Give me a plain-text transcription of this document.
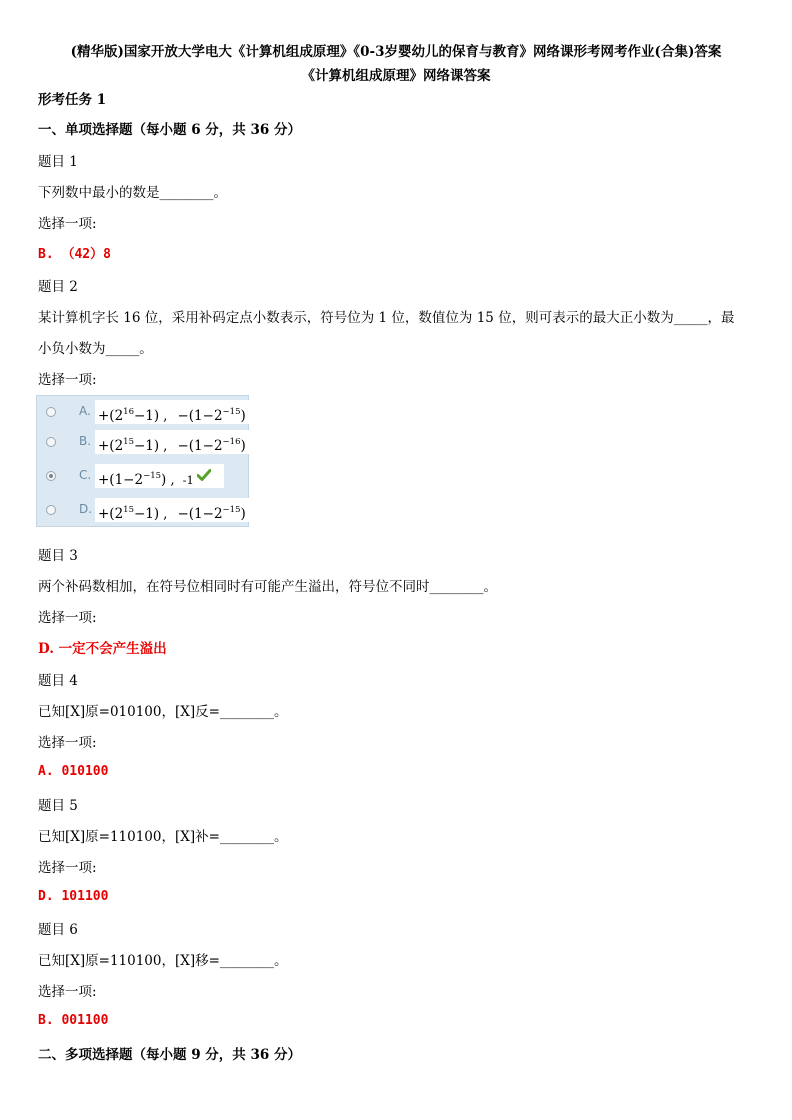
(精华版)国家开放大学电大《计算机组成原理》《0-3岁婴幼儿的保育与教育》网络课形考网考作业(合集)答案
《计算机组成原理》网络课答案
形考任务 1
一、单项选择题（每小题 6 分，共 36 分）
题目 1
下列数中最小的数是________。
选择一项:
B. （42）8
题目 2
某计算机字长 16 位，采用补码定点小数表示，符号位为 1 位，数值位为 15 位，则可表示的最大正小数为_____，最
小负小数为_____。
选择一项:
A. $+(2^{16}-1)$ , $-(1-2^{-15})$
B. $+(2^{15}-1)$ , $-(1-2^{-16})$
C. $+(1-2^{-15})$ , -1
D. $+(2^{15}-1)$ , $-(1-2^{-15})$
题目 3
两个补码数相加，在符号位相同时有可能产生溢出，符号位不同时________。
选择一项:
D. 一定不会产生溢出
题目 4
已知[X]原=010100，[X]反=________。
选择一项:
A. 010100
题目 5
已知[X]原=110100，[X]补=________。
选择一项:
D. 101100
题目 6
已知[X]原=110100，[X]移=________。
选择一项:
B. 001100
二、多项选择题（每小题 9 分，共 36 分）
